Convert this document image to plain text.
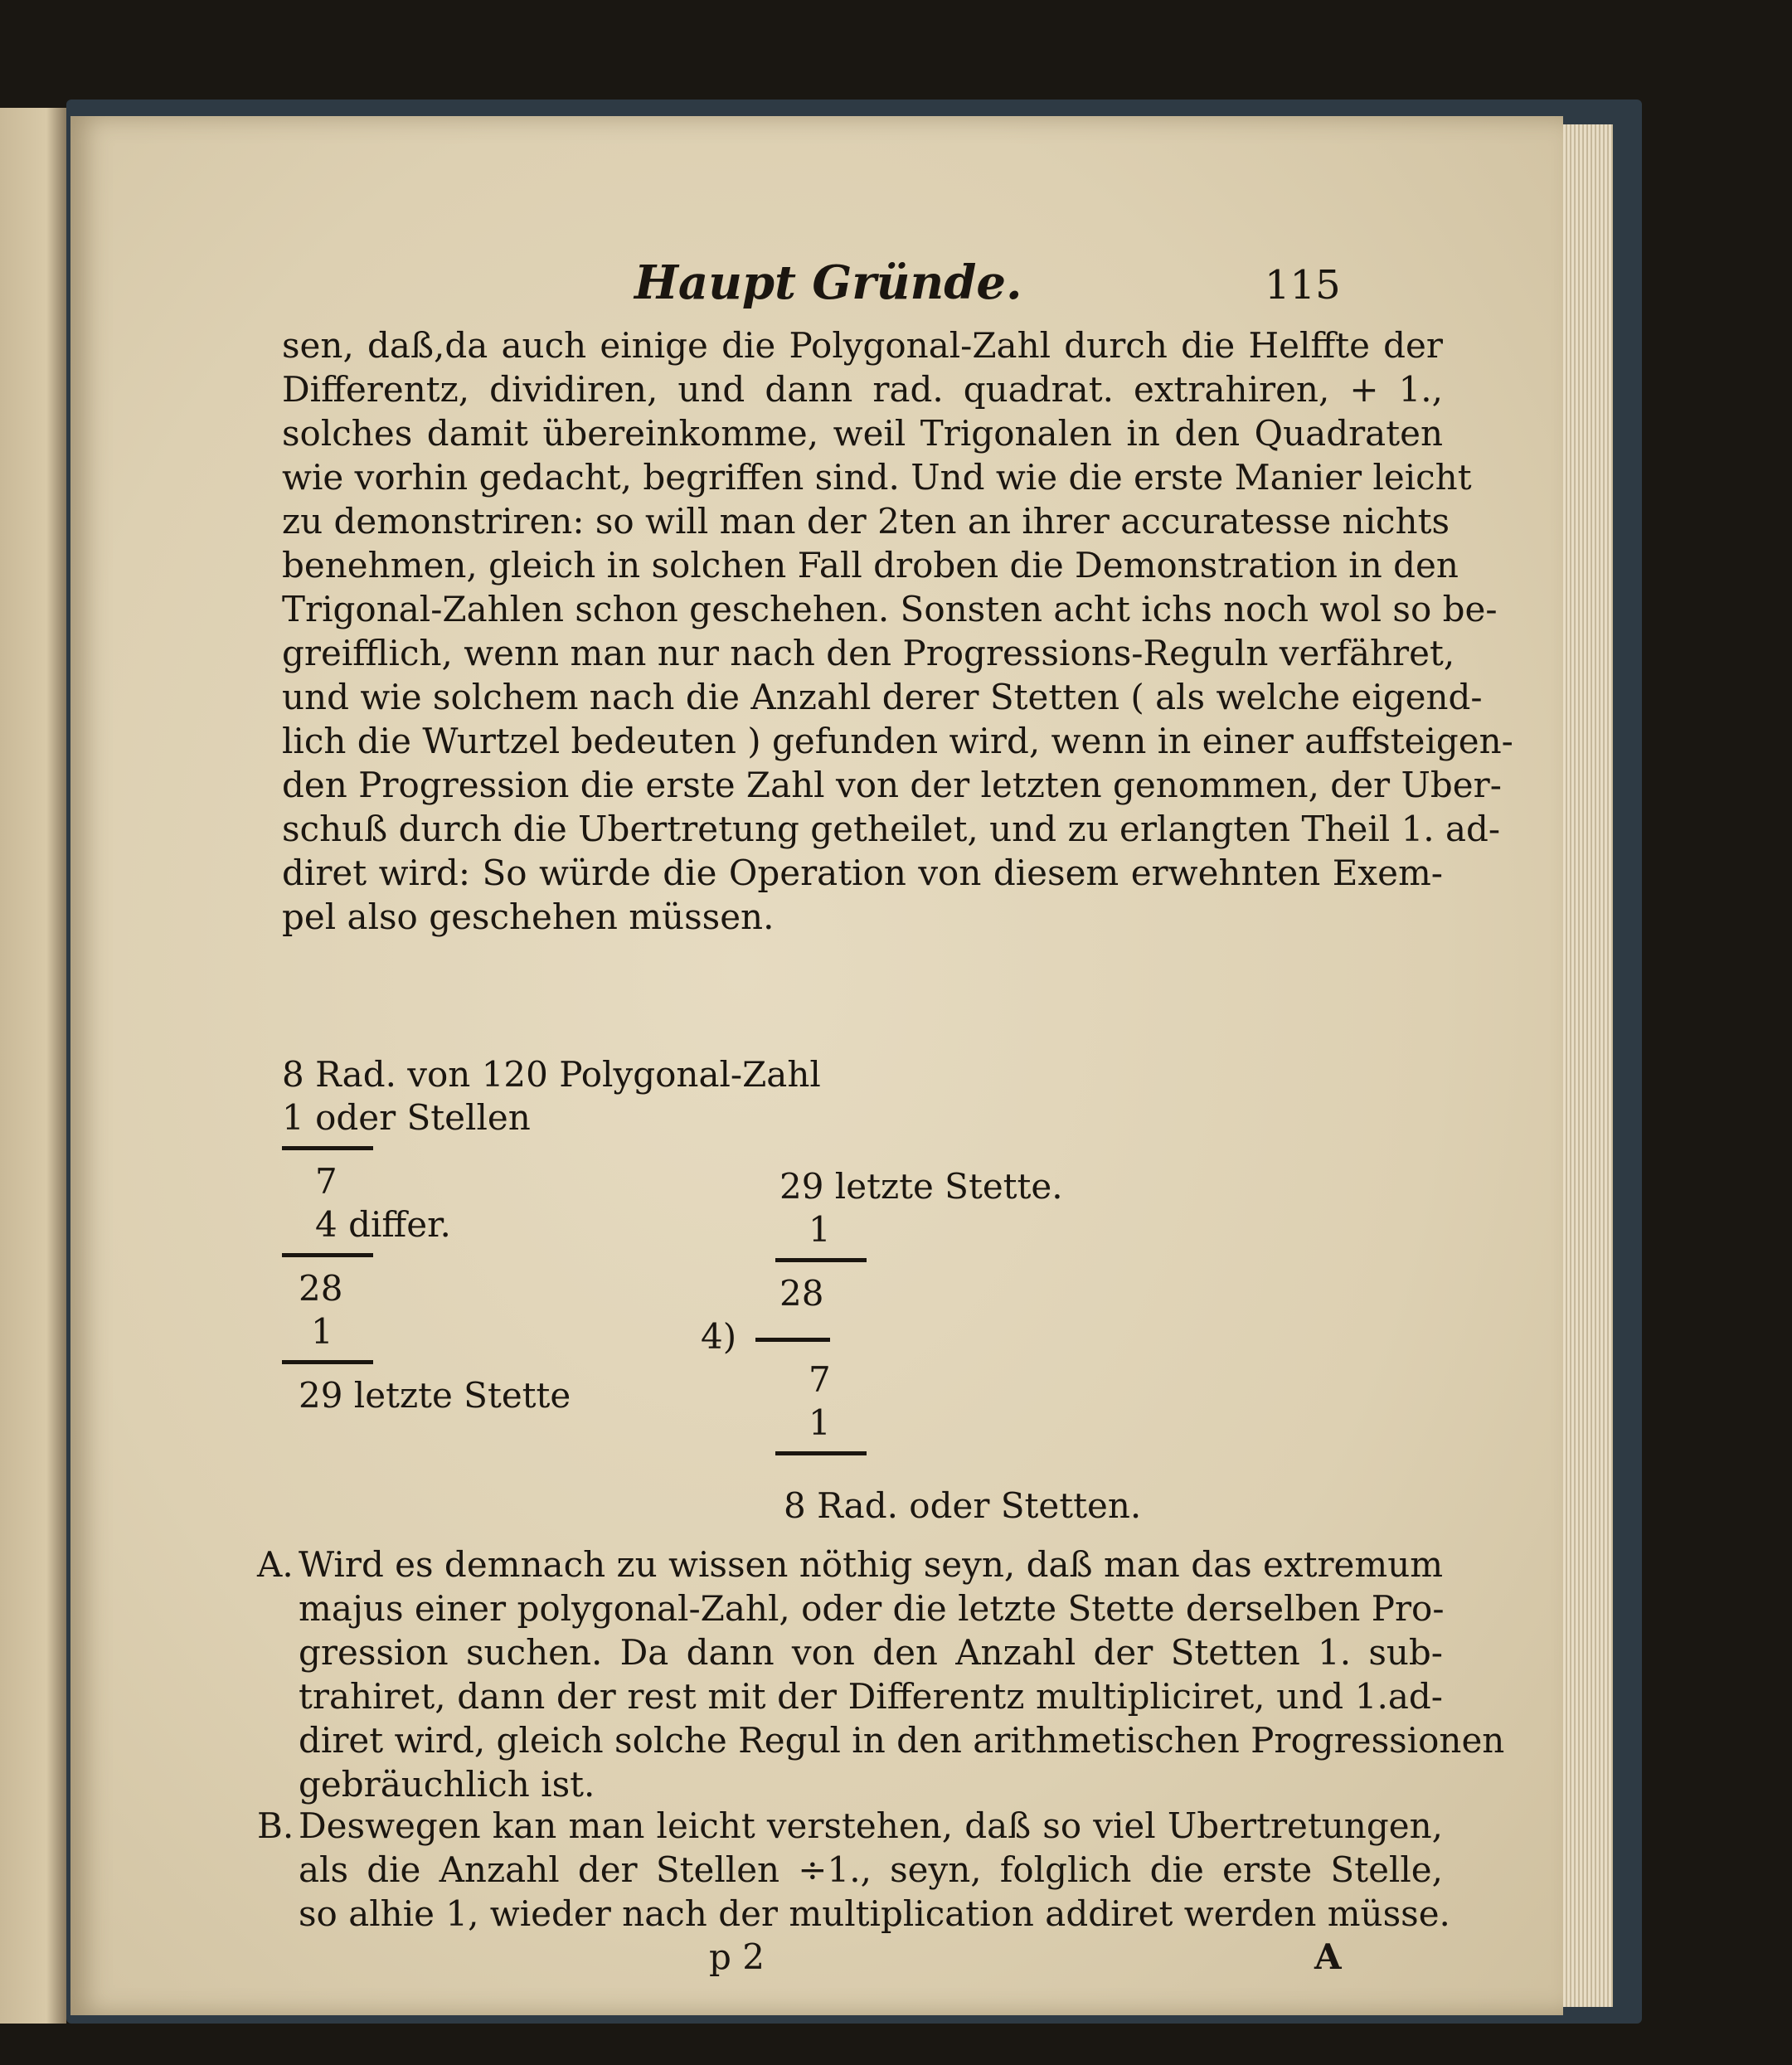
Haupt Gründe.	115
sen, daß,da auch einige die Polygonal-Zahl durch die Helffte der
Differentz, dividiren, und dann rad. quadrat. extrahiren, + 1.,
solches damit übereinkomme, weil Trigonalen in den Quadraten
wie vorhin gedacht, begriffen sind. Und wie die erste Manier leicht
zu demonstriren: so will man der 2ten an ihrer accuratesse nichts
benehmen, gleich in solchen Fall droben die Demonstration in den
Trigonal-Zahlen schon geschehen. Sonsten acht ichs noch wol so be-
greifflich, wenn man nur nach den Progressions-Reguln verfähret,
und wie solchem nach die Anzahl derer Stetten ( als welche eigend-
lich die Wurtzel bedeuten ) gefunden wird, wenn in einer auffsteigen-
den Progression die erste Zahl von der letzten genommen, der Uber-
schuß durch die Ubertretung getheilet, und zu erlangten Theil 1. ad-
diret wird: So würde die Operation von diesem erwehnten Exem-
pel also geschehen müssen.
8 Rad. von 120 Polygonal-Zahl
1 oder Stellen
7
4 differ.
28
1
29 letzte Stette
29 letzte Stette.
1
28
4)
7
1
8 Rad. oder Stetten.
A. Wird es demnach zu wissen nöthig seyn, daß man das extremum
majus einer polygonal-Zahl, oder die letzte Stette derselben Pro-
gression suchen. Da dann von den Anzahl der Stetten 1. sub-
trahiret, dann der rest mit der Differentz multipliciret, und 1.ad-
diret wird, gleich solche Regul in den arithmetischen Progressionen
gebräuchlich ist.
B. Deswegen kan man leicht verstehen, daß so viel Ubertretungen,
als die Anzahl der Stellen ÷1., seyn, folglich die erste Stelle,
so alhie 1, wieder nach der multiplication addiret werden müsse.
p 2	A
